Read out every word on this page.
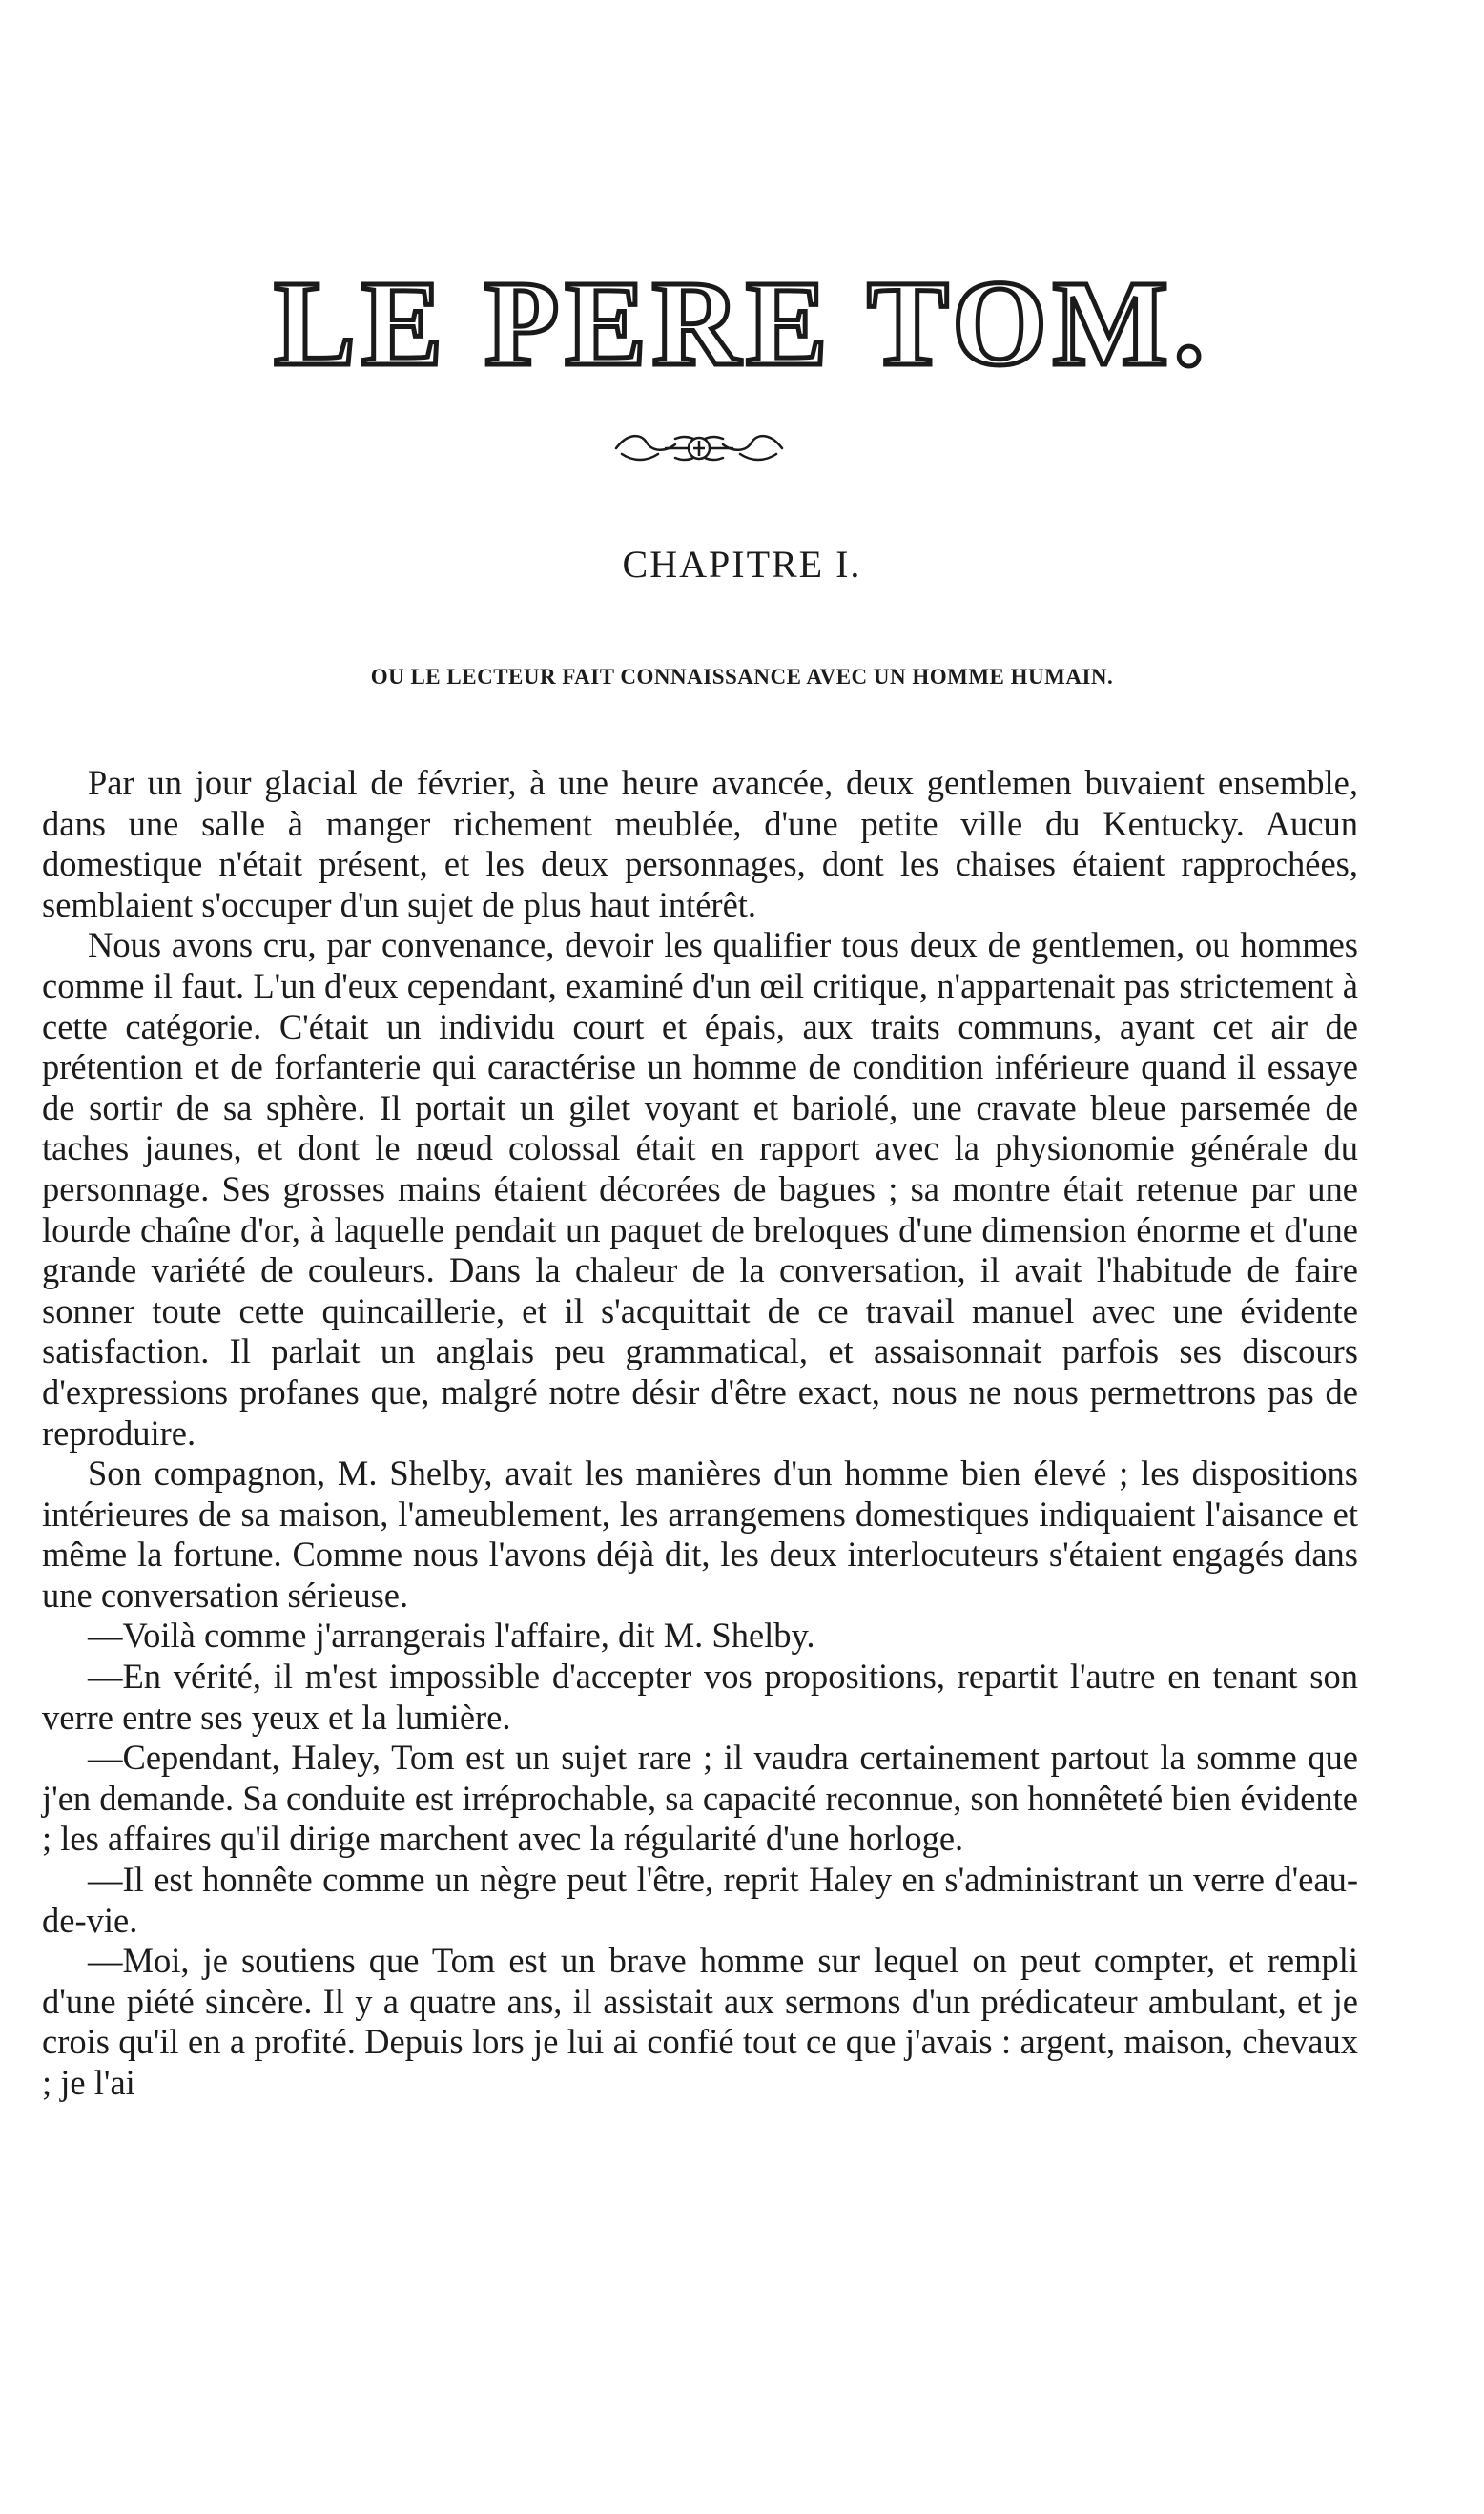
LE PERE TOM.
CHAPITRE I.
OU LE LECTEUR FAIT CONNAISSANCE AVEC UN HOMME HUMAIN.

Par un jour glacial de février, à une heure avancée, deux gentlemen buvaient ensemble, dans une salle à manger richement meublée, d'une petite ville du Kentucky. Aucun domestique n'était présent, et les deux personnages, dont les chaises étaient rapprochées, semblaient s'occuper d'un sujet de plus haut intérêt.

Nous avons cru, par convenance, devoir les qualifier tous deux de gentlemen, ou hommes comme il faut. L'un d'eux cependant, examiné d'un œil critique, n'appartenait pas strictement à cette catégorie. C'était un individu court et épais, aux traits communs, ayant cet air de prétention et de forfanterie qui caractérise un homme de condition inférieure quand il essaye de sortir de sa sphère. Il portait un gilet voyant et bariolé, une cravate bleue parsemée de taches jaunes, et dont le nœud colossal était en rapport avec la physionomie générale du personnage. Ses grosses mains étaient décorées de bagues ; sa montre était retenue par une lourde chaîne d'or, à laquelle pendait un paquet de breloques d'une dimension énorme et d'une grande variété de couleurs. Dans la chaleur de la conversation, il avait l'habitude de faire sonner toute cette quincaillerie, et il s'acquittait de ce travail manuel avec une évidente satisfaction. Il parlait un anglais peu grammatical, et assaisonnait parfois ses discours d'expressions profanes que, malgré notre désir d'être exact, nous ne nous permettrons pas de reproduire.

Son compagnon, M. Shelby, avait les manières d'un homme bien élevé ; les dispositions intérieures de sa maison, l'ameublement, les arrangemens domestiques indiquaient l'aisance et même la fortune. Comme nous l'avons déjà dit, les deux interlocuteurs s'étaient engagés dans une conversation sérieuse.

—Voilà comme j'arrangerais l'affaire, dit M. Shelby.

—En vérité, il m'est impossible d'accepter vos propositions, repartit l'autre en tenant son verre entre ses yeux et la lumière.

—Cependant, Haley, Tom est un sujet rare ; il vaudra certainement partout la somme que j'en demande. Sa conduite est irréprochable, sa capacité reconnue, son honnêteté bien évidente ; les affaires qu'il dirige marchent avec la régularité d'une horloge.

—Il est honnête comme un nègre peut l'être, reprit Haley en s'administrant un verre d'eau-de-vie.

—Moi, je soutiens que Tom est un brave homme sur lequel on peut compter, et rempli d'une piété sincère. Il y a quatre ans, il assistait aux sermons d'un prédicateur ambulant, et je crois qu'il en a profité. Depuis lors je lui ai confié tout ce que j'avais : argent, maison, chevaux ; je l'ai
